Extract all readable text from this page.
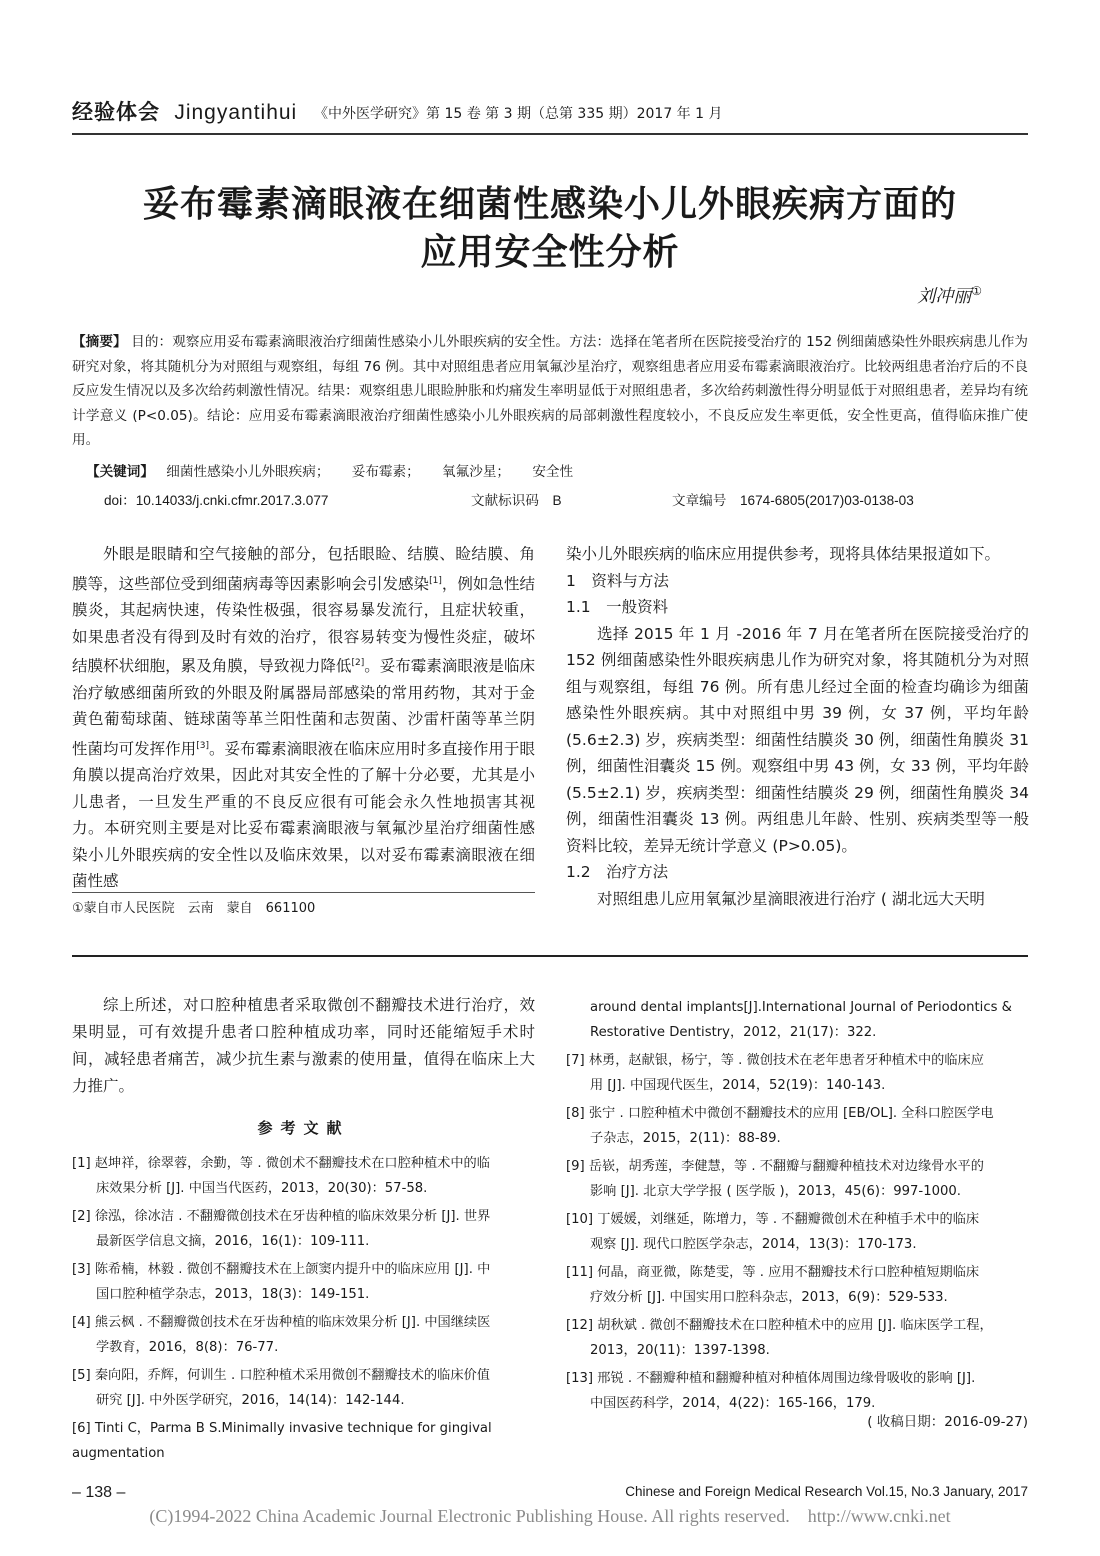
经验体会 Jingyantihui 《中外医学研究》第 15 卷 第 3 期（总第 335 期）2017 年 1 月
妥布霉素滴眼液在细菌性感染小儿外眼疾病方面的
应用安全性分析
刘冲丽①
【摘要】 目的：观察应用妥布霉素滴眼液治疗细菌性感染小儿外眼疾病的安全性。方法：选择在笔者所在医院接受治疗的 152 例细菌感染性外眼疾病患儿作为研究对象，将其随机分为对照组与观察组，每组 76 例。其中对照组患者应用氧氟沙星治疗，观察组患者应用妥布霉素滴眼液治疗。比较两组患者治疗后的不良反应发生情况以及多次给药刺激性情况。结果：观察组患儿眼睑肿胀和灼痛发生率明显低于对照组患者，多次给药刺激性得分明显低于对照组患者，差异均有统计学意义 (P<0.05)。结论：应用妥布霉素滴眼液治疗细菌性感染小儿外眼疾病的局部刺激性程度较小，不良反应发生率更低，安全性更高，值得临床推广使用。
【关键词】 细菌性感染小儿外眼疾病； 妥布霉素； 氧氟沙星； 安全性
doi：10.14033/j.cnki.cfmr.2017.3.077	文献标识码　B	文章编号　1674-6805(2017)03-0138-03

外眼是眼睛和空气接触的部分，包括眼睑、结膜、睑结膜、角膜等，这些部位受到细菌病毒等因素影响会引发感染[1]，例如急性结膜炎，其起病快速，传染性极强，很容易暴发流行，且症状较重，如果患者没有得到及时有效的治疗，很容易转变为慢性炎症，破坏结膜杯状细胞，累及角膜，导致视力降低[2]。妥布霉素滴眼液是临床治疗敏感细菌所致的外眼及附属器局部感染的常用药物，其对于金黄色葡萄球菌、链球菌等革兰阳性菌和志贺菌、沙雷杆菌等革兰阴性菌均可发挥作用[3]。妥布霉素滴眼液在临床应用时多直接作用于眼角膜以提高治疗效果，因此对其安全性的了解十分必要，尤其是小儿患者，一旦发生严重的不良反应很有可能会永久性地损害其视力。本研究则主要是对比妥布霉素滴眼液与氧氟沙星治疗细菌性感染小儿外眼疾病的安全性以及临床效果，以对妥布霉素滴眼液在细菌性感

染小儿外眼疾病的临床应用提供参考，现将具体结果报道如下。

1　资料与方法

1.1　一般资料

选择 2015 年 1 月 -2016 年 7 月在笔者所在医院接受治疗的 152 例细菌感染性外眼疾病患儿作为研究对象，将其随机分为对照组与观察组，每组 76 例。所有患儿经过全面的检查均确诊为细菌感染性外眼疾病。其中对照组中男 39 例，女 37 例，平均年龄 (5.6±2.3) 岁，疾病类型：细菌性结膜炎 30 例，细菌性角膜炎 31 例，细菌性泪囊炎 15 例。观察组中男 43 例，女 33 例，平均年龄 (5.5±2.1) 岁，疾病类型：细菌性结膜炎 29 例，细菌性角膜炎 34 例，细菌性泪囊炎 13 例。两组患儿年龄、性别、疾病类型等一般资料比较，差异无统计学意义 (P>0.05)。

1.2　治疗方法

对照组患儿应用氧氟沙星滴眼液进行治疗 ( 湖北远大天明

①蒙自市人民医院　云南　蒙自　661100
综上所述，对口腔种植患者采取微创不翻瓣技术进行治疗，效果明显，可有效提升患者口腔种植成功率，同时还能缩短手术时间，减轻患者痛苦，减少抗生素与激素的使用量，值得在临床上大力推广。
参考文献
[1] 赵坤祥，徐翠蓉，余勤，等 . 微创术不翻瓣技术在口腔种植术中的临
床效果分析 [J]. 中国当代医药，2013，20(30)：57-58.
[2] 徐泓，徐冰洁 . 不翻瓣微创技术在牙齿种植的临床效果分析 [J]. 世界
最新医学信息文摘，2016，16(1)：109-111.
[3] 陈希楠，林毅 . 微创不翻瓣技术在上颌窦内提升中的临床应用 [J]. 中
国口腔种植学杂志，2013，18(3)：149-151.
[4] 熊云枫 . 不翻瓣微创技术在牙齿种植的临床效果分析 [J]. 中国继续医
学教育，2016，8(8)：76-77.
[5] 秦向阳，乔辉，何训生 . 口腔种植术采用微创不翻瓣技术的临床价值
研究 [J]. 中外医学研究，2016，14(14)：142-144.
[6] Tinti C，Parma B S.Minimally invasive technique for gingival augmentation
around dental implants[J].International Journal of Periodontics &
Restorative Dentistry，2012，21(17)：322.
[7] 林勇，赵献银，杨宁，等 . 微创技术在老年患者牙种植术中的临床应
用 [J]. 中国现代医生，2014，52(19)：140-143.
[8] 张宁 . 口腔种植术中微创不翻瓣技术的应用 [EB/OL]. 全科口腔医学电
子杂志，2015，2(11)：88-89.
[9] 岳嵚，胡秀莲，李健慧，等 . 不翻瓣与翻瓣种植技术对边缘骨水平的
影响 [J]. 北京大学学报 ( 医学版 )，2013，45(6)：997-1000.
[10] 丁媛媛，刘继延，陈增力，等 . 不翻瓣微创术在种植手术中的临床
观察 [J]. 现代口腔医学杂志，2014，13(3)：170-173.
[11] 何晶，商亚微，陈楚雯，等 . 应用不翻瓣技术行口腔种植短期临床
疗效分析 [J]. 中国实用口腔科杂志，2013，6(9)：529-533.
[12] 胡秋斌 . 微创不翻瓣技术在口腔种植术中的应用 [J]. 临床医学工程，
2013，20(11)：1397-1398.
[13] 邢锐 . 不翻瓣种植和翻瓣种植对种植体周围边缘骨吸收的影响 [J].
中国医药科学，2014，4(22)：165-166，179.
( 收稿日期：2016-09-27)
– 138 –	Chinese and Foreign Medical Research Vol.15, No.3 January, 2017
(C)1994-2022 China Academic Journal Electronic Publishing House. All rights reserved.　http://www.cnki.net
